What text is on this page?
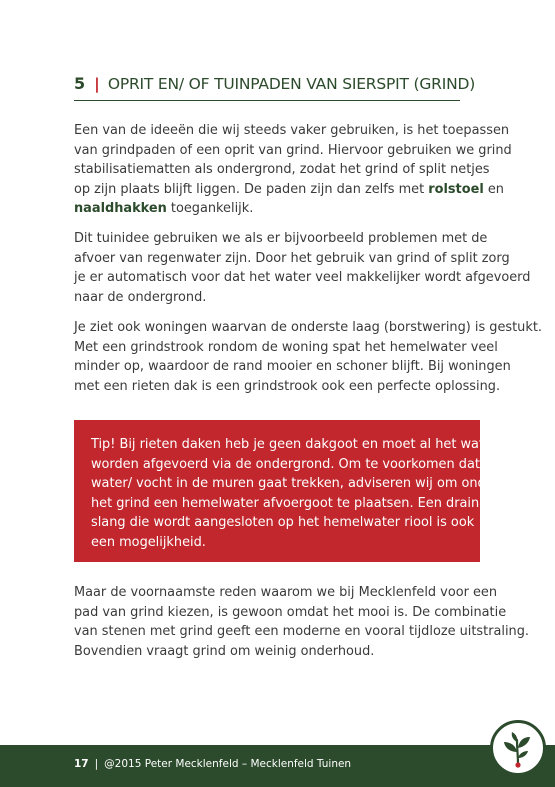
5 | OPRIT EN/ OF TUINPADEN VAN SIERSPIT (GRIND)

Een van de ideeën die wij steeds vaker gebruiken, is het toepassen
van grindpaden of een oprit van grind. Hiervoor gebruiken we grind
stabilisatiematten als ondergrond, zodat het grind of split netjes
op zijn plaats blijft liggen. De paden zijn dan zelfs met rolstoel en
naaldhakken toegankelijk.

Dit tuinidee gebruiken we als er bijvoorbeeld problemen met de
afvoer van regenwater zijn. Door het gebruik van grind of split zorg
je er automatisch voor dat het water veel makkelijker wordt afgevoerd
naar de ondergrond.

Je ziet ook woningen waarvan de onderste laag (borstwering) is gestukt.
Met een grindstrook rondom de woning spat het hemelwater veel
minder op, waardoor de rand mooier en schoner blijft. Bij woningen
met een rieten dak is een grindstrook ook een perfecte oplossing.

Tip! Bij rieten daken heb je geen dakgoot en moet al het water
worden afgevoerd via de ondergrond. Om te voorkomen dat het
water/ vocht in de muren gaat trekken, adviseren wij om onder
het grind een hemelwater afvoergoot te plaatsen. Een drainage-
slang die wordt aangesloten op het hemelwater riool is ook
een mogelijkheid.

Maar de voornaamste reden waarom we bij Mecklenfeld voor een
pad van grind kiezen, is gewoon omdat het mooi is. De combinatie
van stenen met grind geeft een moderne en vooral tijdloze uitstraling.
Bovendien vraagt grind om weinig onderhoud.

17 | @2015 Peter Mecklenfeld – Mecklenfeld Tuinen
